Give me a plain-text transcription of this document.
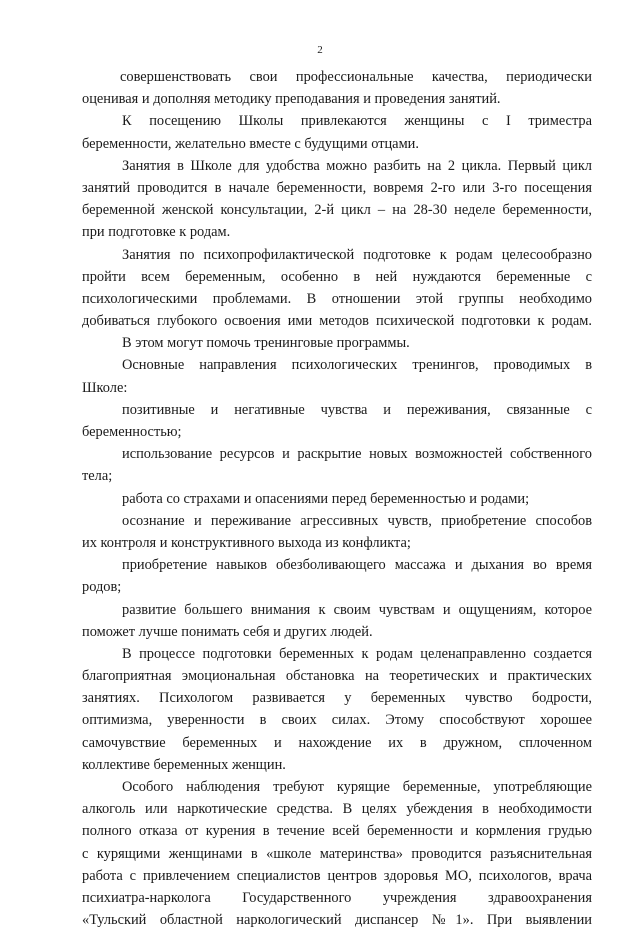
2
совершенствовать свои профессиональные качества, периодически
оценивая и дополняя методику преподавания и проведения занятий.
К посещению Школы привлекаются женщины с I триместра
беременности, желательно вместе с будущими отцами.
Занятия в Школе для удобства можно разбить на 2 цикла. Первый цикл
занятий проводится в начале беременности, вовремя 2-го или 3-го посещения
беременной женской консультации, 2-й цикл – на 28-30 неделе беременности,
при подготовке к родам.
Занятия по психопрофилактической подготовке к родам целесообразно
пройти всем беременным, особенно в ней нуждаются беременные с
психологическими проблемами. В отношении этой группы необходимо
добиваться глубокого освоения ими методов психической подготовки к родам.
В этом могут помочь тренинговые программы.
Основные направления психологических тренингов, проводимых в
Школе:
позитивные и негативные чувства и переживания, связанные с
беременностью;
использование ресурсов и раскрытие новых возможностей собственного
тела;
работа со страхами и опасениями перед беременностью и родами;
осознание и переживание агрессивных чувств, приобретение способов
их контроля и конструктивного выхода из конфликта;
приобретение навыков обезболивающего массажа и дыхания во время
родов;
развитие большего внимания к своим чувствам и ощущениям, которое
поможет лучше понимать себя и других людей.
В процессе подготовки беременных к родам целенаправленно создается
благоприятная эмоциональная обстановка на теоретических и практических
занятиях. Психологом развивается у беременных чувство бодрости,
оптимизма, уверенности в своих силах. Этому способствуют хорошее
самочувствие беременных и нахождение их в дружном, сплоченном
коллективе беременных женщин.
Особого наблюдения требуют курящие беременные, употребляющие
алкоголь или наркотические средства. В целях убеждения в необходимости
полного отказа от курения в течение всей беременности и кормления грудью
с курящими женщинами в «школе материнства» проводится разъяснительная
работа с привлечением специалистов центров здоровья МО, психологов, врача
психиатра-нарколога Государственного учреждения здравоохранения
«Тульский областной наркологический диспансер №1». При выявлении
